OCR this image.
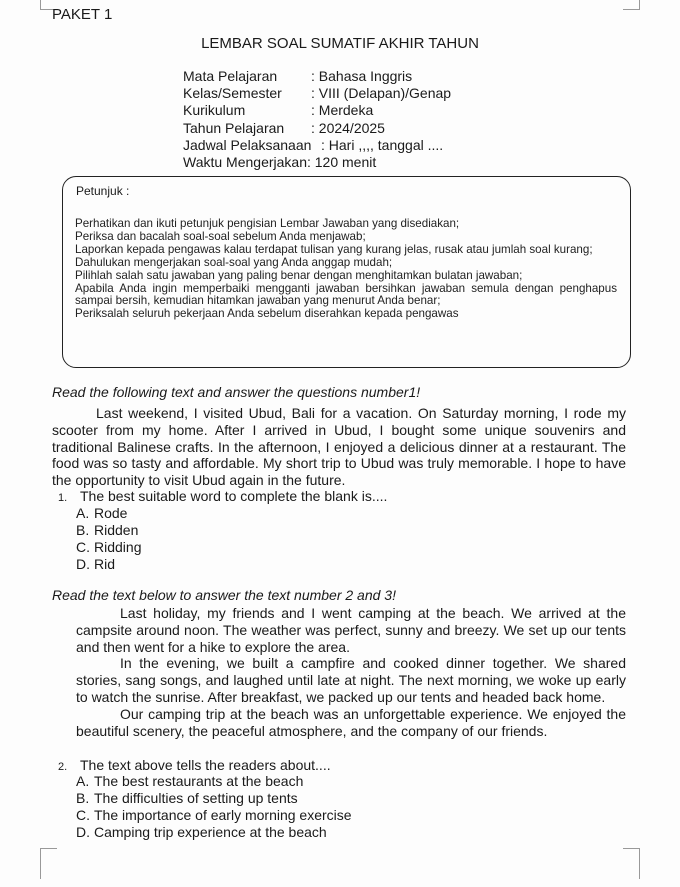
PAKET 1
LEMBAR SOAL SUMATIF AKHIR TAHUN
Mata Pelajaran	: Bahasa Inggris
Kelas/Semester	: VIII (Delapan)/Genap
Kurikulum	: Merdeka
Tahun Pelajaran	: 2024/2025
Jadwal Pelaksanaan : Hari ,,,, tanggal ....
Waktu Mengerjakan : 120 menit
Petunjuk :

Perhatikan dan ikuti petunjuk pengisian Lembar Jawaban yang disediakan;

Periksa dan bacalah soal-soal sebelum Anda menjawab;

Laporkan kepada pengawas kalau terdapat tulisan yang kurang jelas, rusak atau jumlah soal kurang;

Dahulukan mengerjakan soal-soal yang Anda anggap mudah;

Pilihlah salah satu jawaban yang paling benar dengan menghitamkan bulatan jawaban;

Apabila Anda ingin memperbaiki mengganti jawaban bersihkan jawaban semula dengan penghapus sampai bersih, kemudian hitamkan jawaban yang menurut Anda benar;

Periksalah seluruh pekerjaan Anda sebelum diserahkan kepada pengawas

Read the following text and answer the questions number1!

Last weekend, I visited Ubud, Bali for a vacation. On Saturday morning, I rode my scooter from my home. After I arrived in Ubud, I bought some unique souvenirs and traditional Balinese crafts. In the afternoon, I enjoyed a delicious dinner at a restaurant. The food was so tasty and affordable. My short trip to Ubud was truly memorable. I hope to have the opportunity to visit Ubud again in the future.

1. The best suitable word to complete the blank is....
A. Rode
B. Ridden
C. Ridding
D. Rid
Read the text below to answer the text number 2 and 3!

Last holiday, my friends and I went camping at the beach. We arrived at the campsite around noon. The weather was perfect, sunny and breezy. We set up our tents and then went for a hike to explore the area.

In the evening, we built a campfire and cooked dinner together. We shared stories, sang songs, and laughed until late at night. The next morning, we woke up early to watch the sunrise. After breakfast, we packed up our tents and headed back home.

Our camping trip at the beach was an unforgettable experience. We enjoyed the beautiful scenery, the peaceful atmosphere, and the company of our friends.

2. The text above tells the readers about....
A. The best restaurants at the beach
B. The difficulties of setting up tents
C. The importance of early morning exercise
D. Camping trip experience at the beach
